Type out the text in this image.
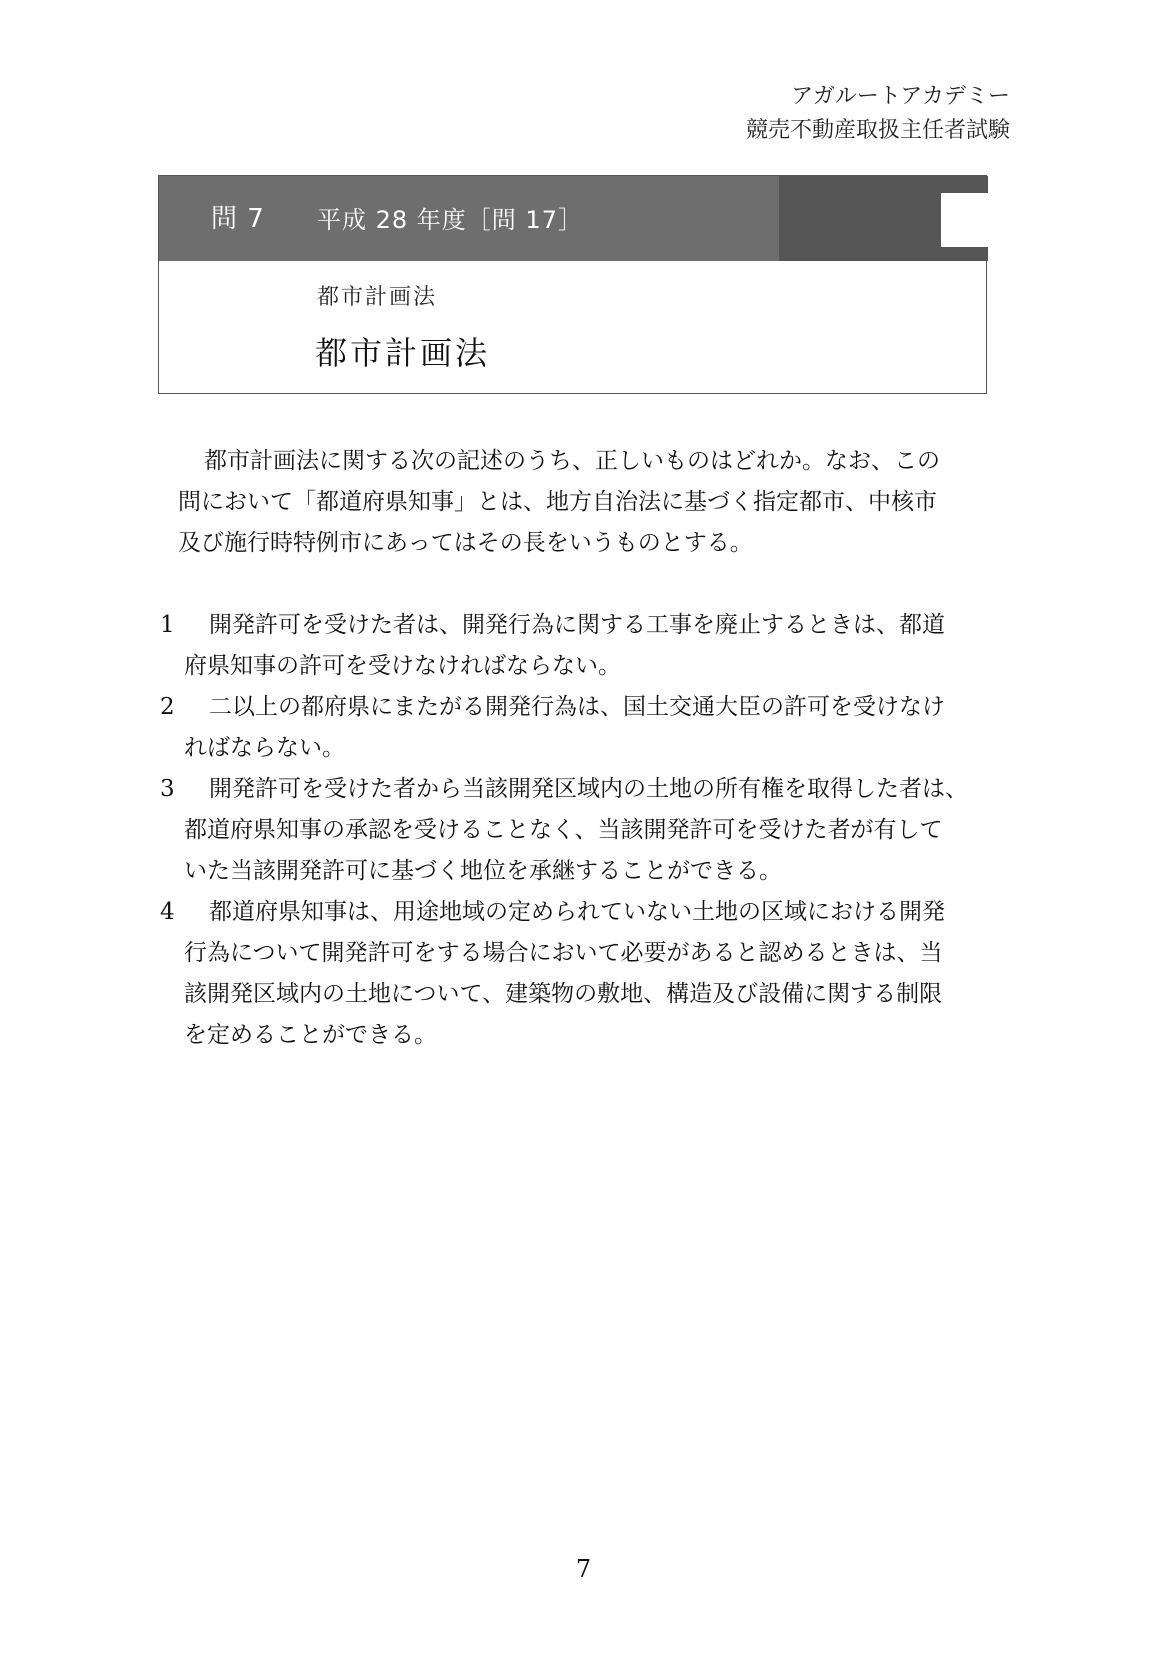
アガルートアカデミー
競売不動産取扱主任者試験
問 7 平成 28 年度［問 17］
都市計画法
都市計画法
都市計画法に関する次の記述のうち、正しいものはどれか。なお、この
問において「都道府県知事」とは、地方自治法に基づく指定都市、中核市
及び施行時特例市にあってはその長をいうものとする。
1	開発許可を受けた者は、開発行為に関する工事を廃止するときは、都道
府県知事の許可を受けなければならない。
2	二以上の都府県にまたがる開発行為は、国土交通大臣の許可を受けなけ
ればならない。
3	開発許可を受けた者から当該開発区域内の土地の所有権を取得した者は、
都道府県知事の承認を受けることなく、当該開発許可を受けた者が有して
いた当該開発許可に基づく地位を承継することができる。
4	都道府県知事は、用途地域の定められていない土地の区域における開発
行為について開発許可をする場合において必要があると認めるときは、当
該開発区域内の土地について、建築物の敷地、構造及び設備に関する制限
を定めることができる。
7
